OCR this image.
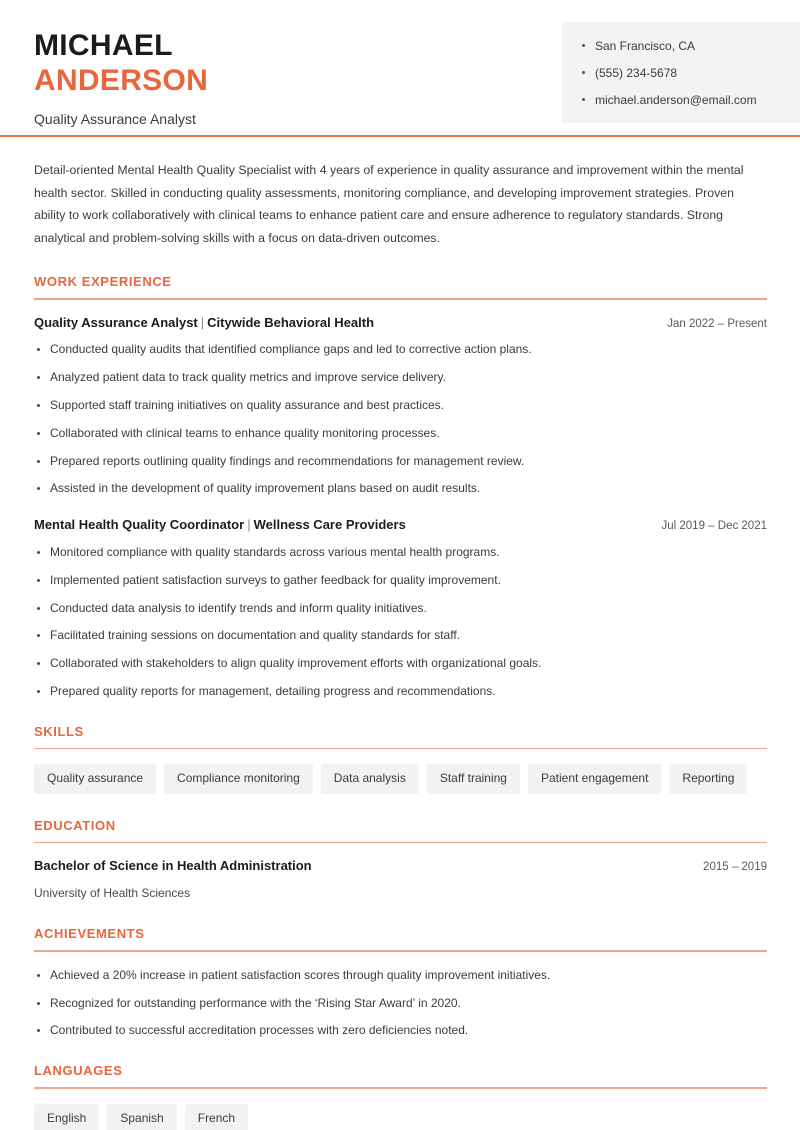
MICHAEL
ANDERSON
Quality Assurance Analyst
San Francisco, CA
(555) 234-5678
michael.anderson@email.com

Detail-oriented Mental Health Quality Specialist with 4 years of experience in quality assurance and improvement within the mental health sector. Skilled in conducting quality assessments, monitoring compliance, and developing improvement strategies. Proven ability to work collaboratively with clinical teams to enhance patient care and ensure adherence to regulatory standards. Strong analytical and problem-solving skills with a focus on data-driven outcomes.

WORK EXPERIENCE
Quality Assurance Analyst | Citywide Behavioral Health	Jan 2022 – Present
Conducted quality audits that identified compliance gaps and led to corrective action plans.
Analyzed patient data to track quality metrics and improve service delivery.
Supported staff training initiatives on quality assurance and best practices.
Collaborated with clinical teams to enhance quality monitoring processes.
Prepared reports outlining quality findings and recommendations for management review.
Assisted in the development of quality improvement plans based on audit results.
Mental Health Quality Coordinator | Wellness Care Providers	Jul 2019 – Dec 2021
Monitored compliance with quality standards across various mental health programs.
Implemented patient satisfaction surveys to gather feedback for quality improvement.
Conducted data analysis to identify trends and inform quality initiatives.
Facilitated training sessions on documentation and quality standards for staff.
Collaborated with stakeholders to align quality improvement efforts with organizational goals.
Prepared quality reports for management, detailing progress and recommendations.
SKILLS
Quality assurance	Compliance monitoring	Data analysis	Staff training	Patient engagement	Reporting
EDUCATION
Bachelor of Science in Health Administration	2015 – 2019
University of Health Sciences
ACHIEVEMENTS
Achieved a 20% increase in patient satisfaction scores through quality improvement initiatives.
Recognized for outstanding performance with the ‘Rising Star Award’ in 2020.
Contributed to successful accreditation processes with zero deficiencies noted.
LANGUAGES
English	Spanish	French
